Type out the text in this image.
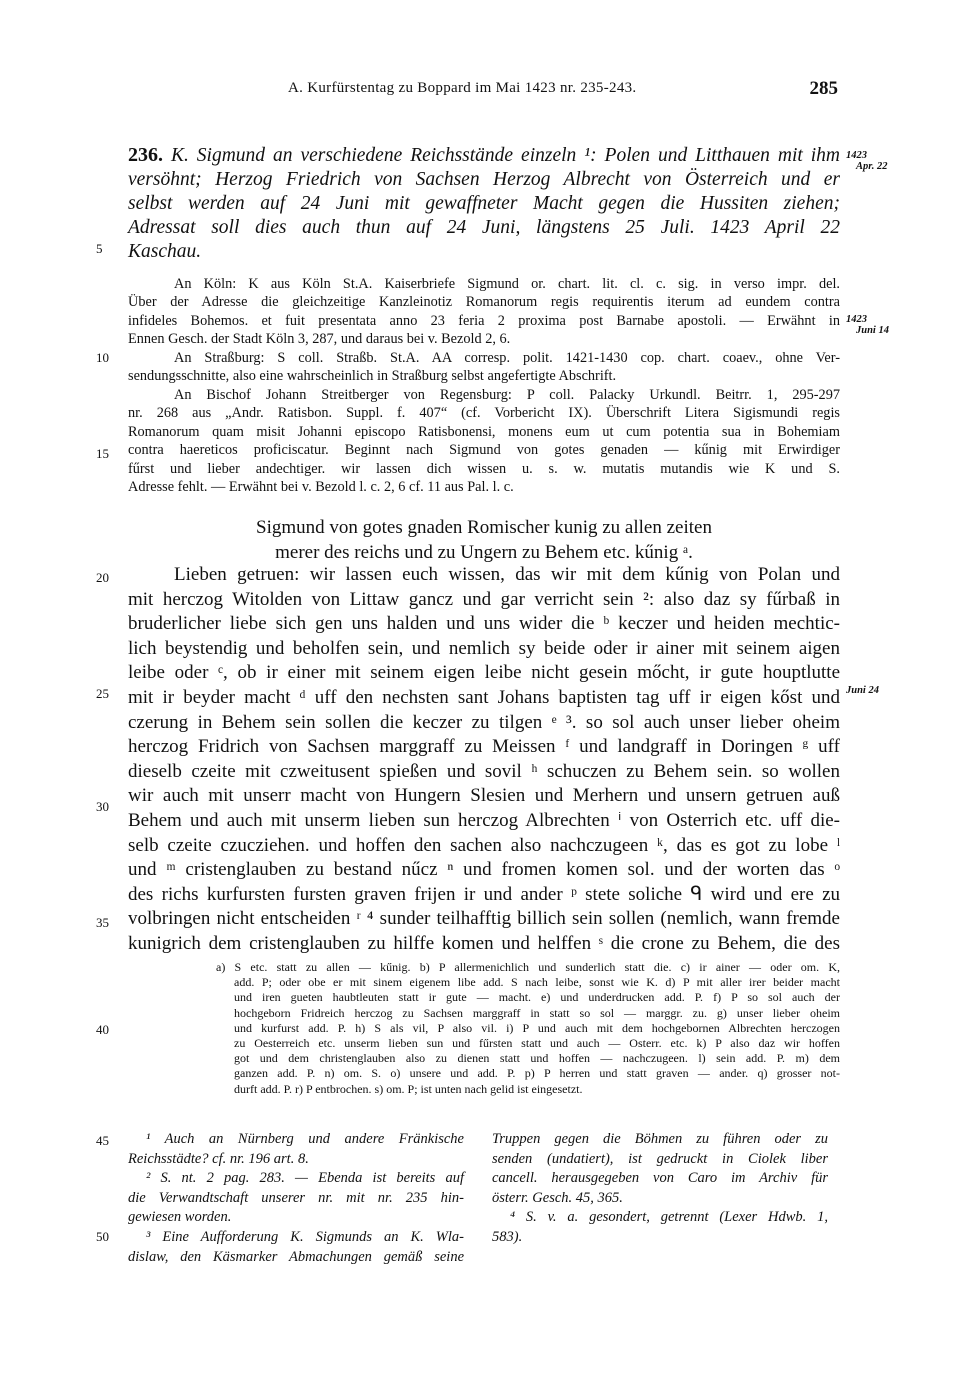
A. Kurfürstentag zu Boppard im Mai 1423 nr. 235-243.	285
236. K. Sigmund an verschiedene Reichsstände einzeln ¹: Polen und Litthauen mit ihm
versöhnt; Herzog Friedrich von Sachsen Herzog Albrecht von Österreich und er
selbst werden auf 24 Juni mit gewaffneter Macht gegen die Hussiten ziehen;
Adressat soll dies auch thun auf 24 Juni, längstens 25 Juli. 1423 April 22
Kaschau.
An Köln: K aus Köln St.A. Kaiserbriefe Sigmund or. chart. lit. cl. c. sig. in verso impr. del.
Über der Adresse die gleichzeitige Kanzleinotiz Romanorum regis requirentis iterum ad eundem contra
infideles Bohemos. et fuit presentata anno 23 feria 2 proxima post Barnabe apostoli. — Erwähnt in
Ennen Gesch. der Stadt Köln 3, 287, und daraus bei v. Bezold 2, 6.
An Straßburg: S coll. Straßb. St.A. AA corresp. polit. 1421-1430 cop. chart. coaev., ohne Ver-
sendungsschnitte, also eine wahrscheinlich in Straßburg selbst angefertigte Abschrift.
An Bischof Johann Streitberger von Regensburg: P coll. Palacky Urkundl. Beitrr. 1, 295-297
nr. 268 aus „Andr. Ratisbon. Suppl. f. 407“ (cf. Vorbericht IX). Überschrift Litera Sigismundi regis
Romanorum quam misit Johanni episcopo Ratisbonensi, monens eum ut cum potentia sua in Bohemiam
contra haereticos proficiscatur. Beginnt nach Sigmund von gotes genaden — kűnig mit Erwirdiger
fűrst und lieber andechtiger. wir lassen dich wissen u. s. w. mutatis mutandis wie K und S.
Adresse fehlt. — Erwähnt bei v. Bezold l. c. 2, 6 cf. 11 aus Pal. l. c.
Sigmund von gotes gnaden Romischer kunig zu allen zeiten
merer des reichs und zu Ungern zu Behem etc. kűnig ᵃ.
Lieben getruen: wir lassen euch wissen, das wir mit dem kűnig von Polan und
mit herczog Witolden von Littaw gancz und gar verricht sein ²: also daz sy fűrbaß in
bruderlicher liebe sich gen uns halden und uns wider die ᵇ keczer und heiden mechtic-
lich beystendig und beholfen sein, und nemlich sy beide oder ir ainer mit seinem aigen
leibe oder ᶜ, ob ir einer mit seinem eigen leibe nicht gesein mőcht, ir gute houptlutte
mit ir beyder macht ᵈ uff den nechsten sant Johans baptisten tag uff ir eigen kőst und
czerung in Behem sein sollen die keczer zu tilgen ᵉ ³. so sol auch unser lieber oheim
herczog Fridrich von Sachsen marggraff zu Meissen ᶠ und landgraff in Doringen ᵍ uff
dieselb czeite mit czweitusent spießen und sovil ʰ schuczen zu Behem sein. so wollen
wir auch mit unserr macht von Hungern Slesien und Merhern und unsern getruen auß
Behem und auch mit unserm lieben sun herczog Albrechten ⁱ von Osterrich etc. uff die-
selb czeite czucziehen. und hoffen den sachen also nachczugeen ᵏ, das es got zu lobe ˡ
und ᵐ cristenglauben zu bestand nűcz ⁿ und fromen komen sol. und der worten das ᵒ
des richs kurfursten fursten graven frijen ir und ander ᵖ stete soliche ᑫ wird und ere zu
volbringen nicht entscheiden ʳ ⁴ sunder teilhafftig billich sein sollen (nemlich, wann fremde
kunigrich dem cristenglauben zu hilffe komen und helffen ˢ die crone zu Behem, die des
a) S etc. statt zu allen — kűnig. b) P allermenichlich und sunderlich statt die. c) ir ainer — oder om. K,
add. P; oder obe er mit sinem eigenem libe add. S nach leibe, sonst wie K. d) P mit aller irer beider macht
und iren gueten haubtleuten statt ir gute — macht. e) und underdrucken add. P. f) P so sol auch der
hochgeborn Fridreich herczog zu Sachsen marggraff in statt so sol — marggr. zu. g) unser lieber oheim
und kurfurst add. P. h) S als vil, P also vil. i) P und auch mit dem hochgebornen Albrechten herczogen
zu Oesterreich etc. unserm lieben sun und fűrsten statt und auch — Osterr. etc. k) P also daz wir hoffen
got und dem christenglauben also zu dienen statt und hoffen — nachczugeen. l) sein add. P. m) dem
ganzen add. P. n) om. S. o) unsere und add. P. p) P herren und statt graven — ander. q) grosser not-
durft add. P. r) P entbrochen. s) om. P; ist unten nach gelid ist eingesetzt.
¹ Auch an Nürnberg und andere Fränkische
Reichsstädte? cf. nr. 196 art. 8.
² S. nt. 2 pag. 283. — Ebenda ist bereits auf
die Verwandtschaft unserer nr. mit nr. 235 hin-
gewiesen worden.
³ Eine Aufforderung K. Sigmunds an K. Wla-
dislaw, den Käsmarker Abmachungen gemäß seine
Truppen gegen die Böhmen zu führen oder zu
senden (undatiert), ist gedruckt in Ciolek liber
cancell. herausgegeben von Caro im Archiv für
österr. Gesch. 45, 365.
⁴ S. v. a. gesondert, getrennt (Lexer Hdwb. 1,
583).
5
10
15
20
25
30
35
40
45
50
1423
Apr. 22
1423
Juni 14
Juni 24
